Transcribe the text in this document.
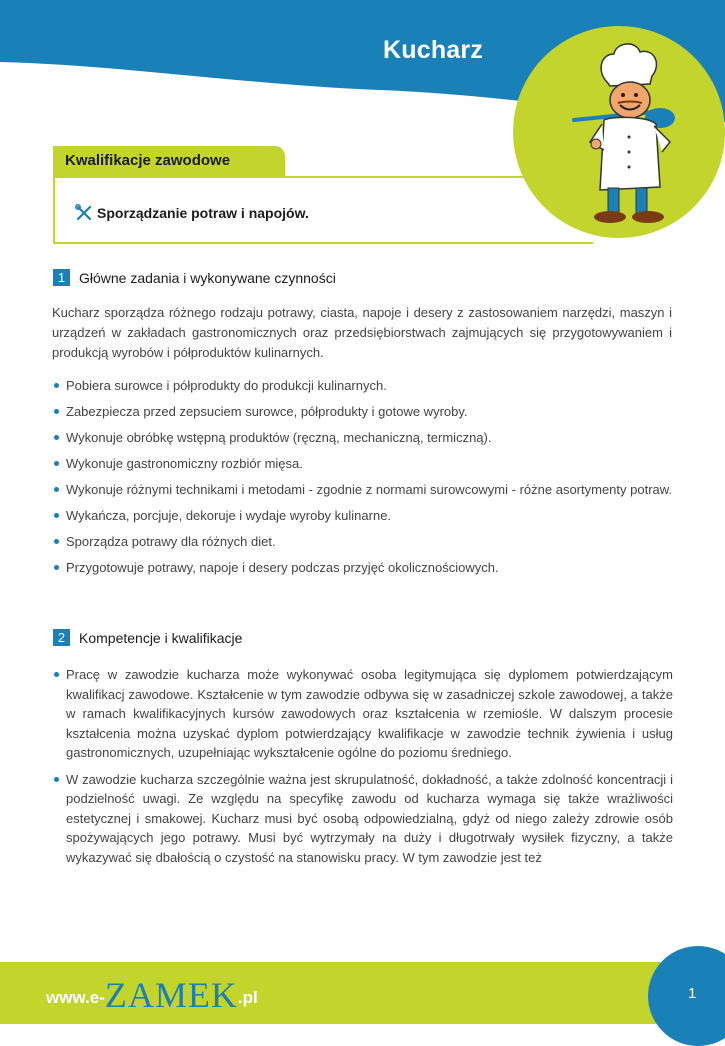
Kucharz
Kwalifikacje zawodowe
Sporządzanie potraw i napojów.
1 Główne zadania i wykonywane czynności
Kucharz sporządza różnego rodzaju potrawy, ciasta, napoje i desery z zastosowaniem narzędzi, maszyn i urządzeń w zakładach gastronomicznych oraz przedsiębiorstwach zajmujących się przygotowywaniem i produkcją wyrobów i półproduktów kulinarnych.
Pobiera surowce i półprodukty do produkcji kulinarnych.
Zabezpiecza przed zepsuciem surowce, półprodukty i gotowe wyroby.
Wykonuje obróbkę wstępną produktów (ręczną, mechaniczną, termiczną).
Wykonuje gastronomiczny rozbiór mięsa.
Wykonuje różnymi technikami i metodami - zgodnie z normami surowcowymi - różne asortymenty potraw.
Wykańcza, porcjuje, dekoruje i wydaje wyroby kulinarne.
Sporządza potrawy dla różnych diet.
Przygotowuje potrawy, napoje i desery podczas przyjęć okolicznościowych.
2 Kompetencje i kwalifikacje
Pracę w zawodzie kucharza może wykonywać osoba legitymująca się dyplomem potwierdzającym kwalifikacj zawodowe. Kształcenie w tym zawodzie odbywa się w zasadniczej szkole zawodowej, a także w ramach kwalifikacyjnych kursów zawodowych oraz kształcenia w rzemiośle. W dalszym procesie kształcenia można uzyskać dyplom potwierdzający kwalifikacje w zawodzie technik żywienia i usług gastronomicznych, uzupełniając wykształcenie ogólne do poziomu średniego.
W zawodzie kucharza szczególnie ważna jest skrupulatność, dokładność, a także zdolność koncentracji i podzielność uwagi. Ze względu na specyfikę zawodu od kucharza wymaga się także wrażliwości estetycznej i smakowej. Kucharz musi być osobą odpowiedzialną, gdyż od niego zależy zdrowie osób spożywających jego potrawy. Musi być wytrzymały na duży i długotrwały wysiłek fizyczny, a także wykazywać się dbałością o czystość na stanowisku pracy. W tym zawodzie jest też
1
www.e- ZAMEK .pl
